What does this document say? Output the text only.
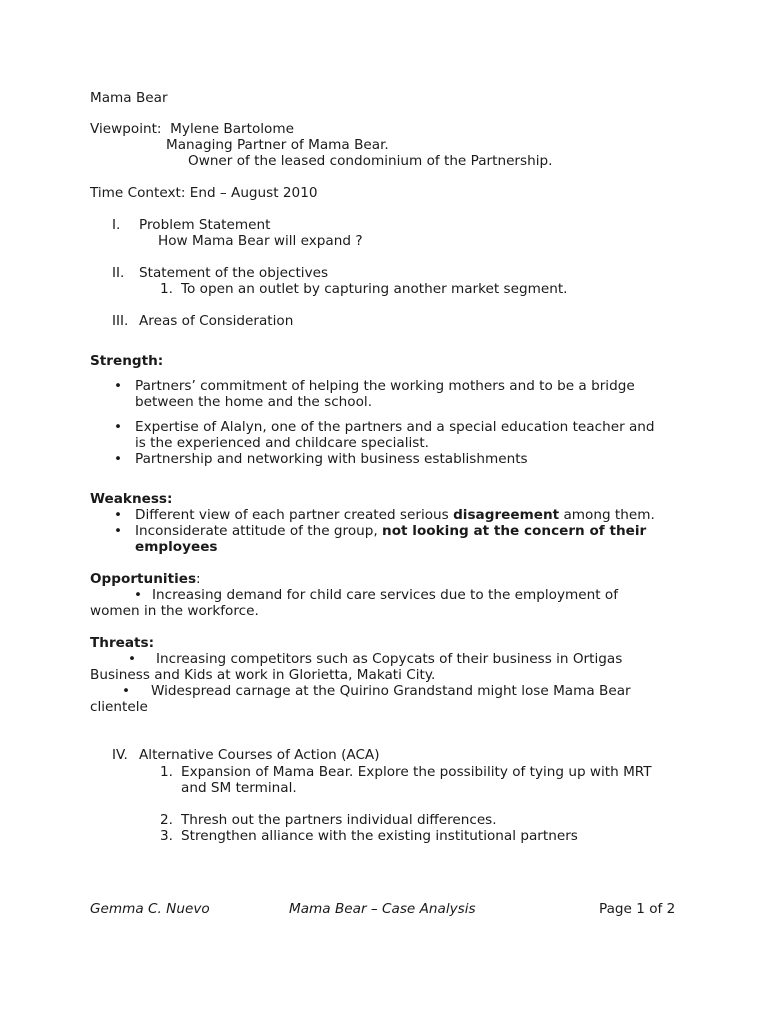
Mama Bear
Viewpoint: Mylene Bartolome
Managing Partner of Mama Bear.
Owner of the leased condominium of the Partnership.
Time Context: End – August 2010
I. Problem Statement
How Mama Bear will expand ?
II. Statement of the objectives
1. To open an outlet by capturing another market segment.
III. Areas of Consideration
Strength:
• Partners’ commitment of helping the working mothers and to be a bridge
between the home and the school.
• Expertise of Alalyn, one of the partners and a special education teacher and
is the experienced and childcare specialist.
• Partnership and networking with business establishments
Weakness:
• Different view of each partner created serious disagreement among them.
• Inconsiderate attitude of the group, not looking at the concern of their
employees
Opportunities:
• Increasing demand for child care services due to the employment of
women in the workforce.
Threats:
• Increasing competitors such as Copycats of their business in Ortigas
Business and Kids at work in Glorietta, Makati City.
• Widespread carnage at the Quirino Grandstand might lose Mama Bear
clientele
IV. Alternative Courses of Action (ACA)
1. Expansion of Mama Bear. Explore the possibility of tying up with MRT
and SM terminal.
2. Thresh out the partners individual differences.
3. Strengthen alliance with the existing institutional partners
Gemma C. Nuevo	Mama Bear – Case Analysis	Page 1 of 2
